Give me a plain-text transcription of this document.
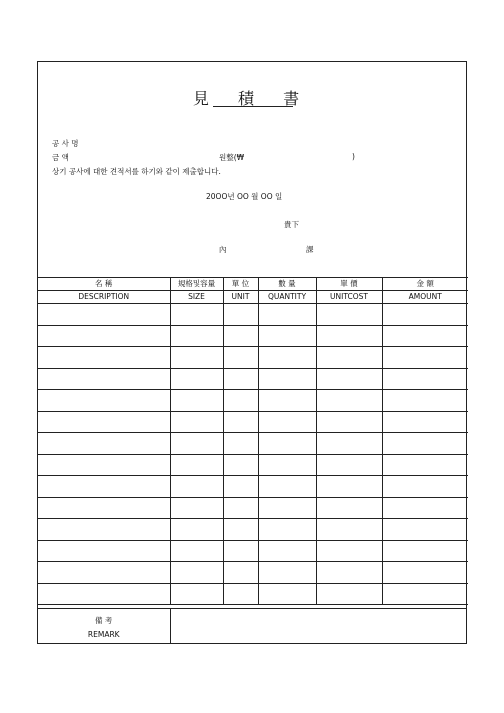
見 積 書
공 사 명
금 액	원整(₩	)
상기 공사에 대한 견적서를 하기와 같이 제출합니다.
20OO년 OO 월 OO 일
貴下
內	課
名 稱	規格및容量	單 位	數 量	單 價	金 額
DESCRIPTION	SIZE	UNIT	QUANTITY	UNITCOST	AMOUNT

備 考
REMARK
